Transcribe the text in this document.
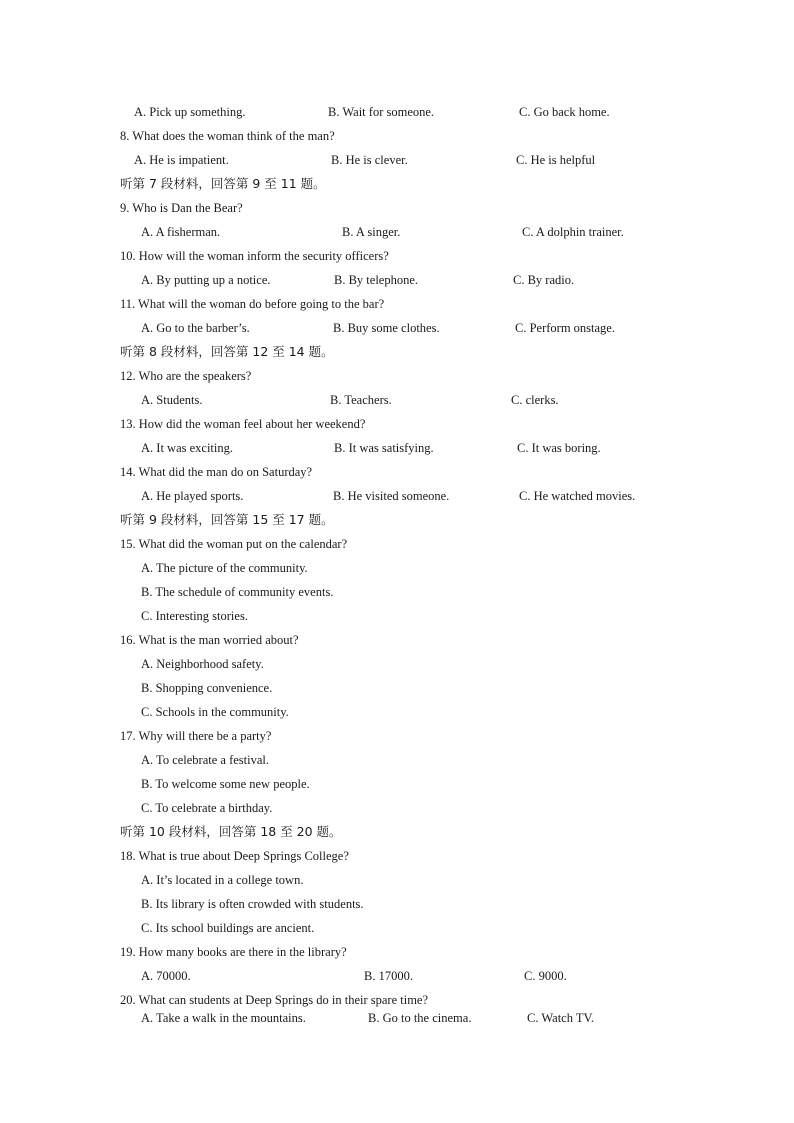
A. Pick up something.	B. Wait for someone.	C. Go back home.
8. What does the woman think of the man?
A. He is impatient.	B. He is clever.	C. He is helpful
听第 7 段材料，回答第 9 至 11 题。
9. Who is Dan the Bear?
A. A fisherman.	B. A singer.	C. A dolphin trainer.
10. How will the woman inform the security officers?
A. By putting up a notice.	B. By telephone.	C. By radio.
11. What will the woman do before going to the bar?
A. Go to the barber’s.	B. Buy some clothes.	C. Perform onstage.
听第 8 段材料，回答第 12 至 14 题。
12. Who are the speakers?
A. Students.	B. Teachers.	C. clerks.
13. How did the woman feel about her weekend?
A. It was exciting.	B. It was satisfying.	C. It was boring.
14. What did the man do on Saturday?
A. He played sports.	B. He visited someone.	C. He watched movies.
听第 9 段材料，回答第 15 至 17 题。
15. What did the woman put on the calendar?
A. The picture of the community.
B. The schedule of community events.
C. Interesting stories.
16. What is the man worried about?
A. Neighborhood safety.
B. Shopping convenience.
C. Schools in the community.
17. Why will there be a party?
A. To celebrate a festival.
B. To welcome some new people.
C. To celebrate a birthday.
听第 10 段材料，回答第 18 至 20 题。
18. What is true about Deep Springs College?
A. It’s located in a college town.
B. Its library is often crowded with students.
C. Its school buildings are ancient.
19. How many books are there in the library?
A. 70000.	B. 17000.	C. 9000.
20. What can students at Deep Springs do in their spare time?
A. Take a walk in the mountains.	B. Go to the cinema.	C. Watch TV.
